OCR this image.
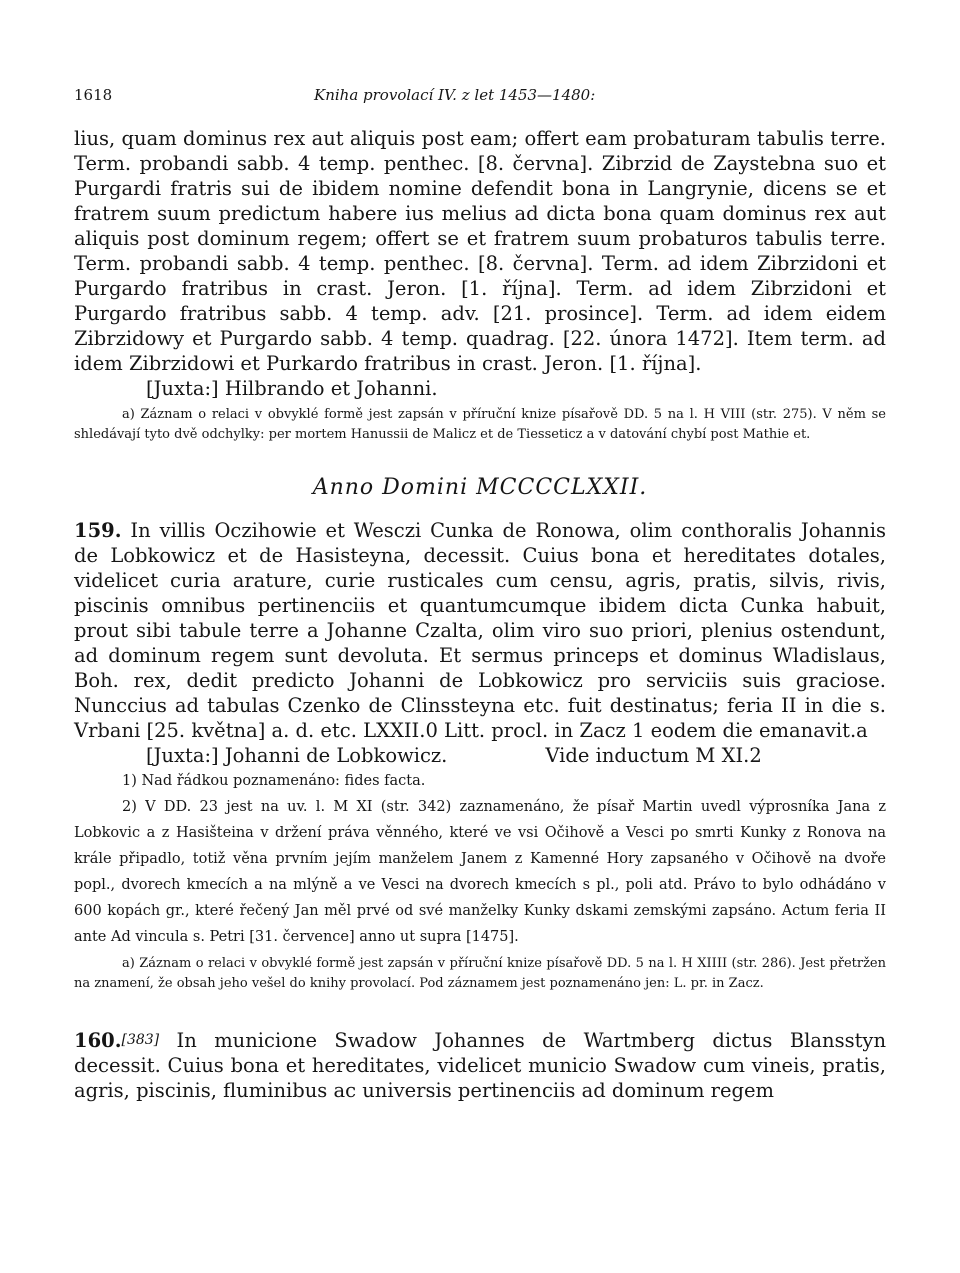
1618	Kniha provolací IV. z let 1453—1480:

lius, quam dominus rex aut aliquis post eam; offert eam probaturam tabulis terre. Term. probandi sabb. 4 temp. penthec. [8. června]. Zibrzid de Zaystebna suo et Purgardi fratris sui de ibidem nomine defendit bona in Langrynie, dicens se et fratrem suum predictum habere ius melius ad dicta bona quam dominus rex aut aliquis post dominum regem; offert se et fratrem suum probaturos tabulis terre. Term. probandi sabb. 4 temp. penthec. [8. června]. Term. ad idem Zibrzidoni et Purgardo fratribus in crast. Jeron. [1. října]. Term. ad idem Zibrzidoni et Purgardo fratribus sabb. 4 temp. adv. [21. prosince]. Term. ad idem eidem Zibrzidowy et Purgardo sabb. 4 temp. quadrag. [22. února 1472]. Item term. ad idem Zibrzidowi et Purkardo fratribus in crast. Jeron. [1. října].

[Juxta:] Hilbrando et Johanni.

a) Záznam o relaci v obvyklé formě jest zapsán v příruční knize písařově DD. 5 na l. H VIII (str. 275). V něm se shledávají tyto dvě odchylky: per mortem Hanussii de Malicz et de Tiesseticz a v datování chybí post Mathie et.

Anno Domini MCCCCLXXII.

159. In villis Oczihowie et Wesczi Cunka de Ronowa, olim conthoralis Johannis de Lobkowicz et de Hasisteyna, decessit. Cuius bona et hereditates dotales, videlicet curia arature, curie rusticales cum censu, agris, pratis, silvis, rivis, piscinis omnibus pertinenciis et quantumcumque ibidem dicta Cunka habuit, prout sibi tabule terre a Johanne Czalta, olim viro suo priori, plenius ostendunt, ad dominum regem sunt devoluta. Et sermus princeps et dominus Wladislaus, Boh. rex, dedit predicto Johanni de Lobkowicz pro serviciis suis graciose. Nunccius ad tabulas Czenko de Clinssteyna etc. fuit destinatus; feria II in die s. Vrbani [25. května] a. d. etc. LXXII.0 Litt. procl. in Zacz 1 eodem die emanavit.a

[Juxta:] Johanni de Lobkowicz.	Vide inductum M XI.2

1) Nad řádkou poznamenáno: fides facta.

2) V DD. 23 jest na uv. l. M XI (str. 342) zaznamenáno, že písař Martin uvedl výprosníka Jana z Lobkovic a z Hasišteina v držení práva věnného, které ve vsi Očihově a Vesci po smrti Kunky z Ronova na krále připadlo, totiž věna prvním jejím manželem Janem z Kamenné Hory zapsaného v Očihově na dvoře popl., dvorech kmecích a na mlýně a ve Vesci na dvorech kmecích s pl., poli atd. Právo to bylo odhádáno v 600 kopách gr., které řečený Jan měl prvé od své manželky Kunky dskami zemskými zapsáno. Actum feria II ante Ad vincula s. Petri [31. července] anno ut supra [1475].

a) Záznam o relaci v obvyklé formě jest zapsán v příruční knize písařově DD. 5 na l. H XIIII (str. 286). Jest přetržen na znamení, že obsah jeho vešel do knihy provolací. Pod záznamem jest poznamenáno jen: L. pr. in Zacz.

160.[383] In municione Swadow Johannes de Wartmberg dictus Blansstyn decessit. Cuius bona et hereditates, videlicet municio Swadow cum vineis, pratis, agris, piscinis, fluminibus ac universis pertinenciis ad dominum regem
